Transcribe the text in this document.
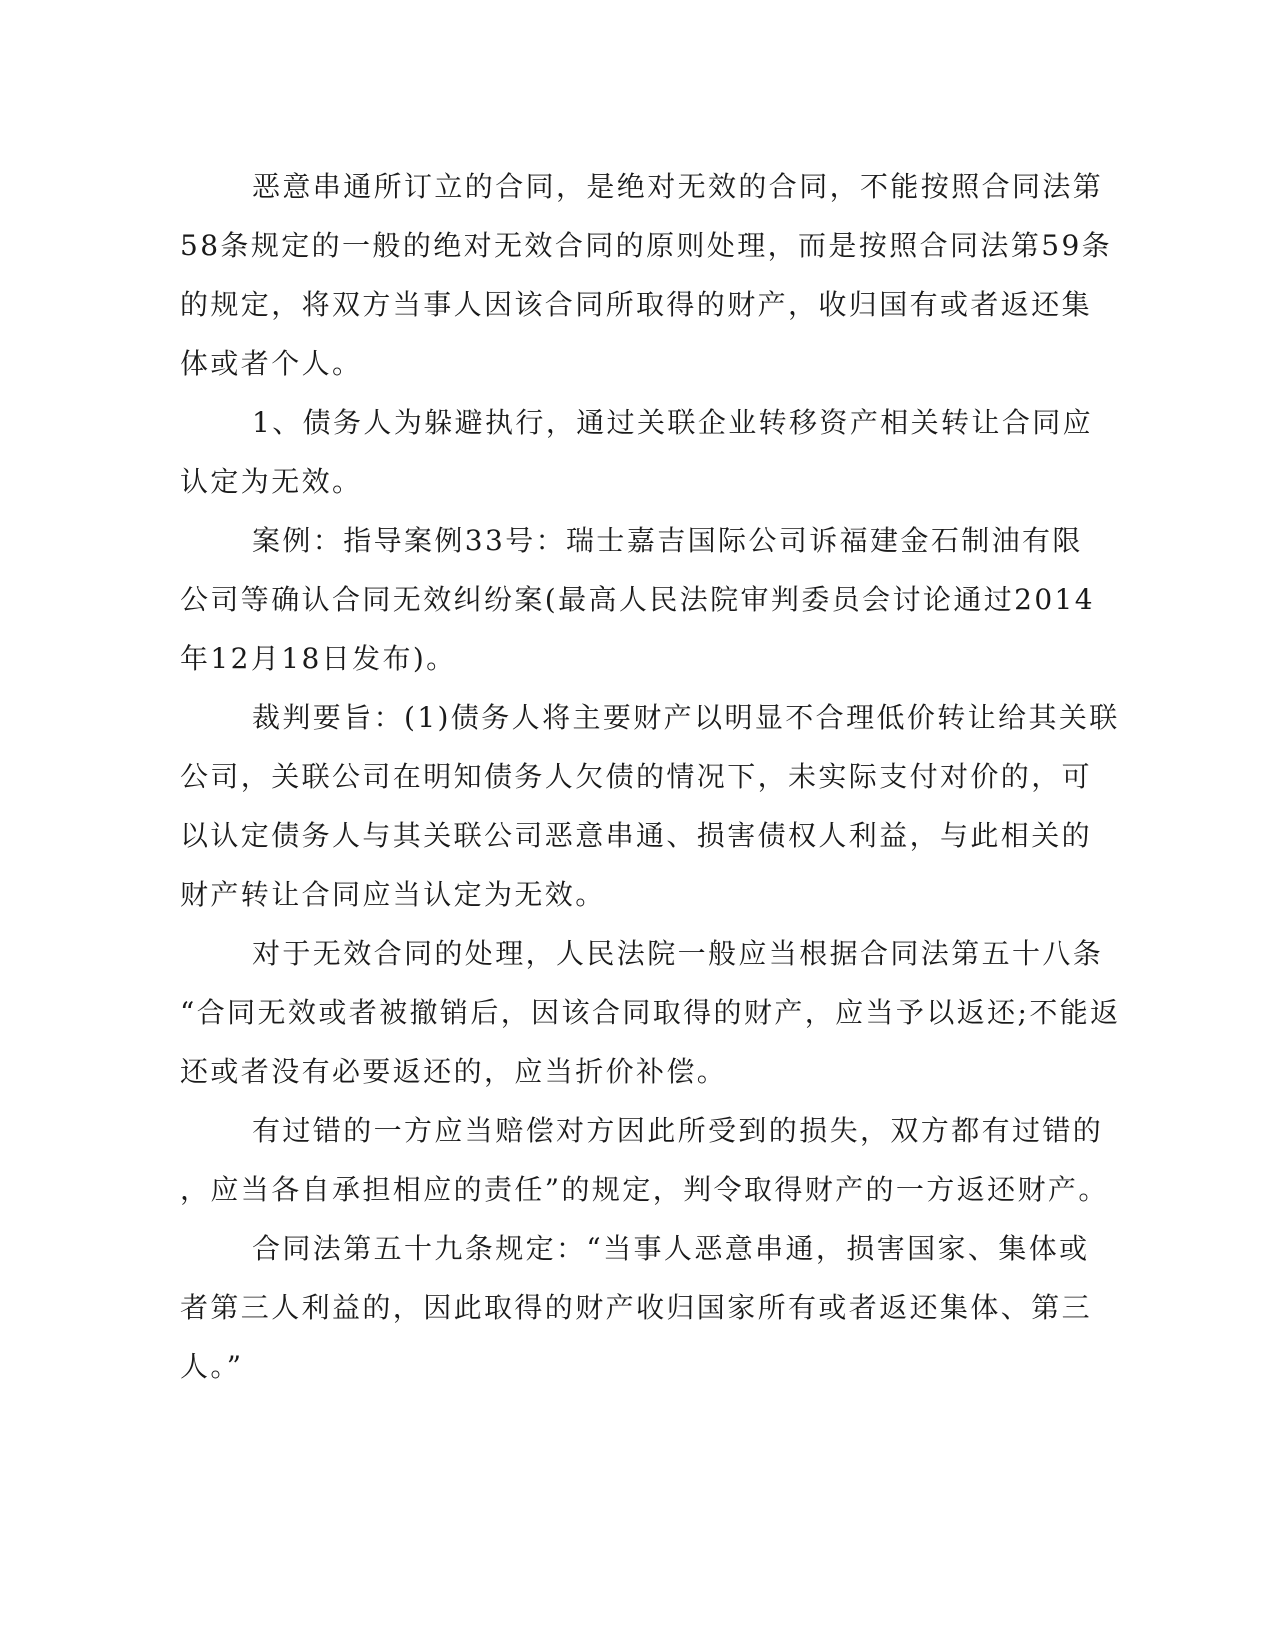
恶意串通所订立的合同，是绝对无效的合同，不能按照合同法第
58条规定的一般的绝对无效合同的原则处理，而是按照合同法第59条
的规定，将双方当事人因该合同所取得的财产，收归国有或者返还集
体或者个人。

1、债务人为躲避执行，通过关联企业转移资产相关转让合同应
认定为无效。

案例：指导案例33号：瑞士嘉吉国际公司诉福建金石制油有限
公司等确认合同无效纠纷案(最高人民法院审判委员会讨论通过2014
年12月18日发布)。

裁判要旨：(1)债务人将主要财产以明显不合理低价转让给其关联
公司，关联公司在明知债务人欠债的情况下，未实际支付对价的，可
以认定债务人与其关联公司恶意串通、损害债权人利益，与此相关的
财产转让合同应当认定为无效。

对于无效合同的处理，人民法院一般应当根据合同法第五十八条
“合同无效或者被撤销后，因该合同取得的财产，应当予以返还;不能返
还或者没有必要返还的，应当折价补偿。

有过错的一方应当赔偿对方因此所受到的损失，双方都有过错的
，应当各自承担相应的责任”的规定，判令取得财产的一方返还财产。

合同法第五十九条规定：“当事人恶意串通，损害国家、集体或
者第三人利益的，因此取得的财产收归国家所有或者返还集体、第三
人。”
